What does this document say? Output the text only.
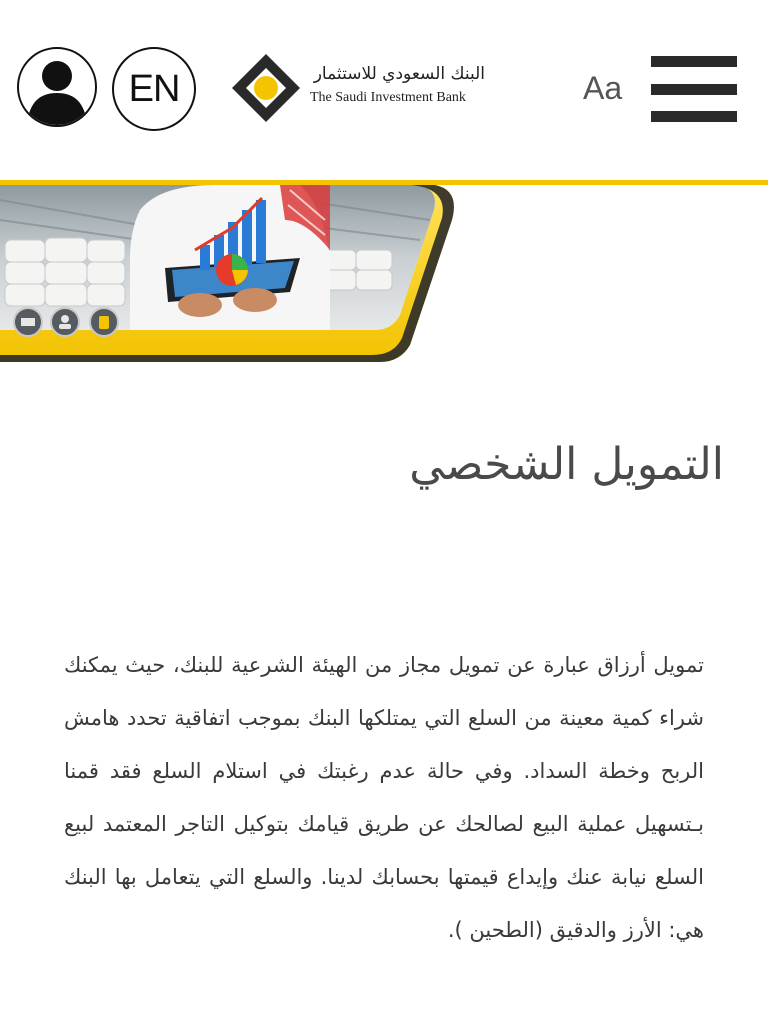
EN	البنك السعودي للاستثمار
The Saudi Investment Bank	Aa
التمويل الشخصي

تمويل أرزاق عبارة عن تمويل مجاز من الهيئة الشرعية للبنك، حيث يمكنك شراء كمية معينة من السلع التي يمتلكها البنك بموجب اتفاقية تحدد هامش الربح وخطة السداد. وفي حالة عدم رغبتك في استلام السلع فقد قمنا بـتسهيل عملية البيع لصالحك عن طريق قيامك بتوكيل التاجر المعتمد لبيع السلع نيابة عنك وإيداع قيمتها بحسابك لدينا. والسلع التي يتعامل بها البنك هي: الأرز والدقيق (الطحين ).
